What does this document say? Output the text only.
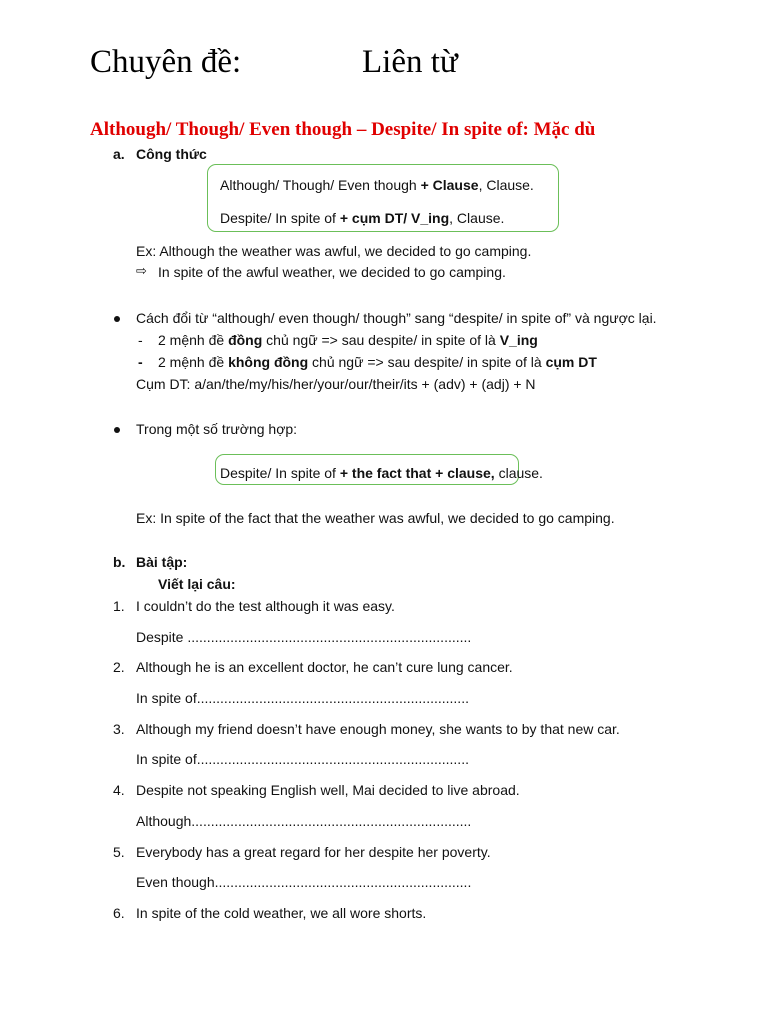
Chuyên đề:	Liên từ
Although/ Though/ Even though – Despite/ In spite of: Mặc dù
a. Công thức
Although/ Though/ Even though + Clause, Clause.
Despite/ In spite of + cụm DT/ V_ing, Clause.
Ex: Although the weather was awful, we decided to go camping.
⇨ In spite of the awful weather, we decided to go camping.
Cách đổi từ “although/ even though/ though” sang “despite/ in spite of” và ngược lại.
- 2 mệnh đề đồng chủ ngữ => sau despite/ in spite of là V_ing
- 2 mệnh đề không đồng chủ ngữ => sau despite/ in spite of là cụm DT
Cụm DT: a/an/the/my/his/her/your/our/their/its + (adv) + (adj) + N
Trong một số trường hợp:
Despite/ In spite of + the fact that + clause, clause.
Ex: In spite of the fact that the weather was awful, we decided to go camping.
b. Bài tập:
Viết lại câu:
1. I couldn’t do the test although it was easy.
Despite .........................................................................
2. Although he is an excellent doctor, he can’t cure lung cancer.
In spite of......................................................................
3. Although my friend doesn’t have enough money, she wants to by that new car.
In spite of......................................................................
4. Despite not speaking English well, Mai decided to live abroad.
Although........................................................................
5. Everybody has a great regard for her despite her poverty.
Even though..................................................................
6. In spite of the cold weather, we all wore shorts.
